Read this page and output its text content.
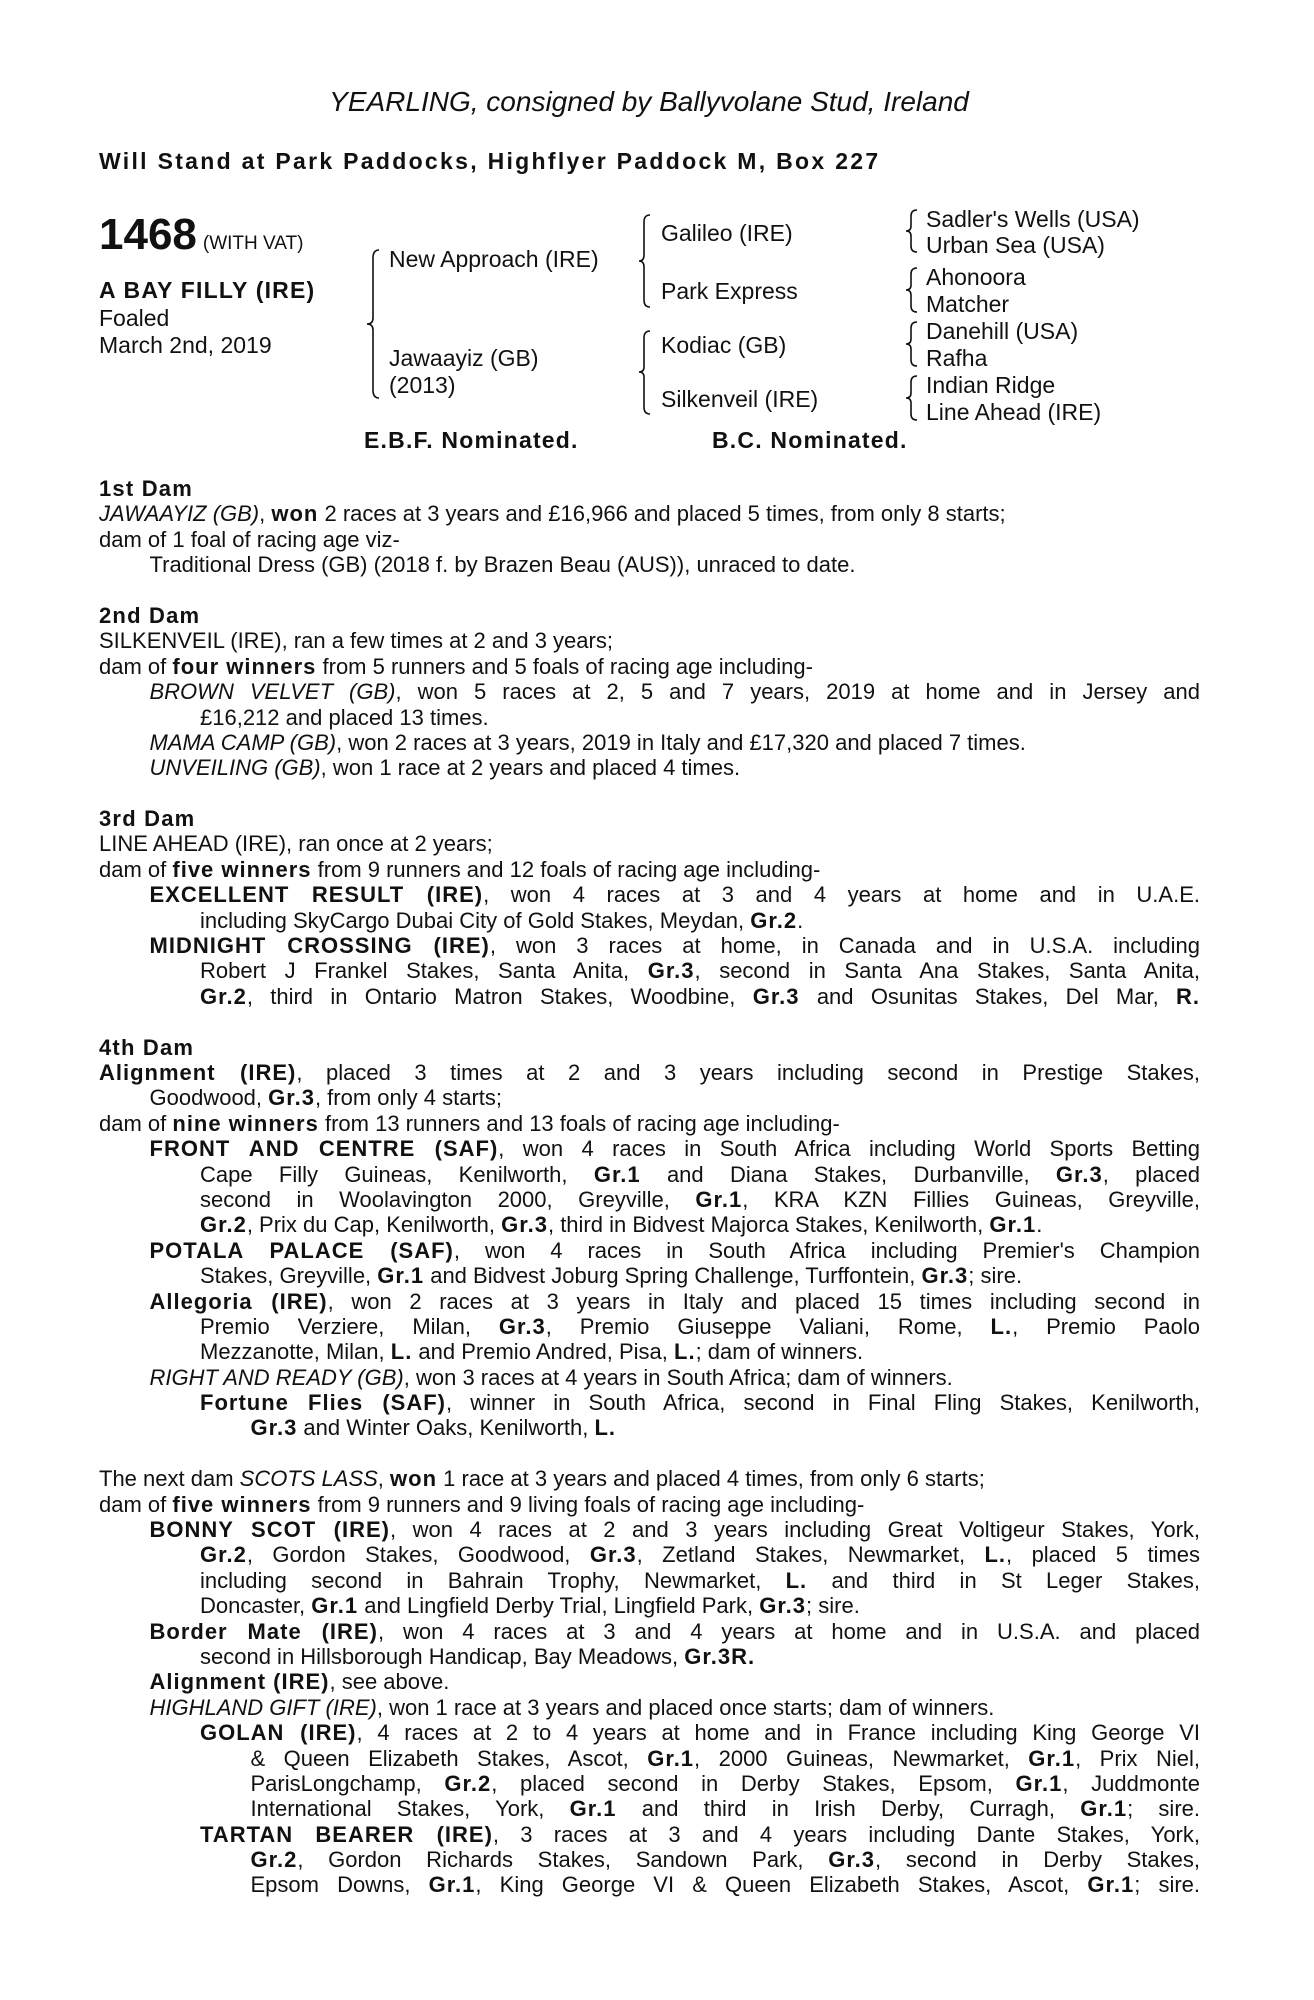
YEARLING, consigned by Ballyvolane Stud, Ireland
Will Stand at Park Paddocks, Highflyer Paddock M, Box 227
1468 (WITH VAT)
A BAY FILLY (IRE)
Foaled
March 2nd, 2019
New Approach (IRE)
Jawaayiz (GB)
(2013)
Galileo (IRE)
Park Express
Kodiac (GB)
Silkenveil (IRE)
Sadler's Wells (USA)
Urban Sea (USA)
Ahonoora
Matcher
Danehill (USA)
Rafha
Indian Ridge
Line Ahead (IRE)
E.B.F. Nominated.	B.C. Nominated.
1st Dam
JAWAAYIZ (GB), won 2 races at 3 years and £16,966 and placed 5 times, from only 8 starts;
dam of 1 foal of racing age viz-
Traditional Dress (GB) (2018 f. by Brazen Beau (AUS)), unraced to date.
2nd Dam
SILKENVEIL (IRE), ran a few times at 2 and 3 years;
dam of four winners from 5 runners and 5 foals of racing age including-
BROWN VELVET (GB), won 5 races at 2, 5 and 7 years, 2019 at home and in Jersey and
£16,212 and placed 13 times.
MAMA CAMP (GB), won 2 races at 3 years, 2019 in Italy and £17,320 and placed 7 times.
UNVEILING (GB), won 1 race at 2 years and placed 4 times.
3rd Dam
LINE AHEAD (IRE), ran once at 2 years;
dam of five winners from 9 runners and 12 foals of racing age including-
EXCELLENT RESULT (IRE), won 4 races at 3 and 4 years at home and in U.A.E.
including SkyCargo Dubai City of Gold Stakes, Meydan, Gr.2.
MIDNIGHT CROSSING (IRE), won 3 races at home, in Canada and in U.S.A. including
Robert J Frankel Stakes, Santa Anita, Gr.3, second in Santa Ana Stakes, Santa Anita,
Gr.2, third in Ontario Matron Stakes, Woodbine, Gr.3 and Osunitas Stakes, Del Mar, R.
4th Dam
Alignment (IRE), placed 3 times at 2 and 3 years including second in Prestige Stakes,
Goodwood, Gr.3, from only 4 starts;
dam of nine winners from 13 runners and 13 foals of racing age including-
FRONT AND CENTRE (SAF), won 4 races in South Africa including World Sports Betting
Cape Filly Guineas, Kenilworth, Gr.1 and Diana Stakes, Durbanville, Gr.3, placed
second in Woolavington 2000, Greyville, Gr.1, KRA KZN Fillies Guineas, Greyville,
Gr.2, Prix du Cap, Kenilworth, Gr.3, third in Bidvest Majorca Stakes, Kenilworth, Gr.1.
POTALA PALACE (SAF), won 4 races in South Africa including Premier's Champion
Stakes, Greyville, Gr.1 and Bidvest Joburg Spring Challenge, Turffontein, Gr.3; sire.
Allegoria (IRE), won 2 races at 3 years in Italy and placed 15 times including second in
Premio Verziere, Milan, Gr.3, Premio Giuseppe Valiani, Rome, L., Premio Paolo
Mezzanotte, Milan, L. and Premio Andred, Pisa, L.; dam of winners.
RIGHT AND READY (GB), won 3 races at 4 years in South Africa; dam of winners.
Fortune Flies (SAF), winner in South Africa, second in Final Fling Stakes, Kenilworth,
Gr.3 and Winter Oaks, Kenilworth, L.
The next dam SCOTS LASS, won 1 race at 3 years and placed 4 times, from only 6 starts;
dam of five winners from 9 runners and 9 living foals of racing age including-
BONNY SCOT (IRE), won 4 races at 2 and 3 years including Great Voltigeur Stakes, York,
Gr.2, Gordon Stakes, Goodwood, Gr.3, Zetland Stakes, Newmarket, L., placed 5 times
including second in Bahrain Trophy, Newmarket, L. and third in St Leger Stakes,
Doncaster, Gr.1 and Lingfield Derby Trial, Lingfield Park, Gr.3; sire.
Border Mate (IRE), won 4 races at 3 and 4 years at home and in U.S.A. and placed
second in Hillsborough Handicap, Bay Meadows, Gr.3R.
Alignment (IRE), see above.
HIGHLAND GIFT (IRE), won 1 race at 3 years and placed once starts; dam of winners.
GOLAN (IRE), 4 races at 2 to 4 years at home and in France including King George VI
& Queen Elizabeth Stakes, Ascot, Gr.1, 2000 Guineas, Newmarket, Gr.1, Prix Niel,
ParisLongchamp, Gr.2, placed second in Derby Stakes, Epsom, Gr.1, Juddmonte
International Stakes, York, Gr.1 and third in Irish Derby, Curragh, Gr.1; sire.
TARTAN BEARER (IRE), 3 races at 3 and 4 years including Dante Stakes, York,
Gr.2, Gordon Richards Stakes, Sandown Park, Gr.3, second in Derby Stakes,
Epsom Downs, Gr.1, King George VI & Queen Elizabeth Stakes, Ascot, Gr.1; sire.
